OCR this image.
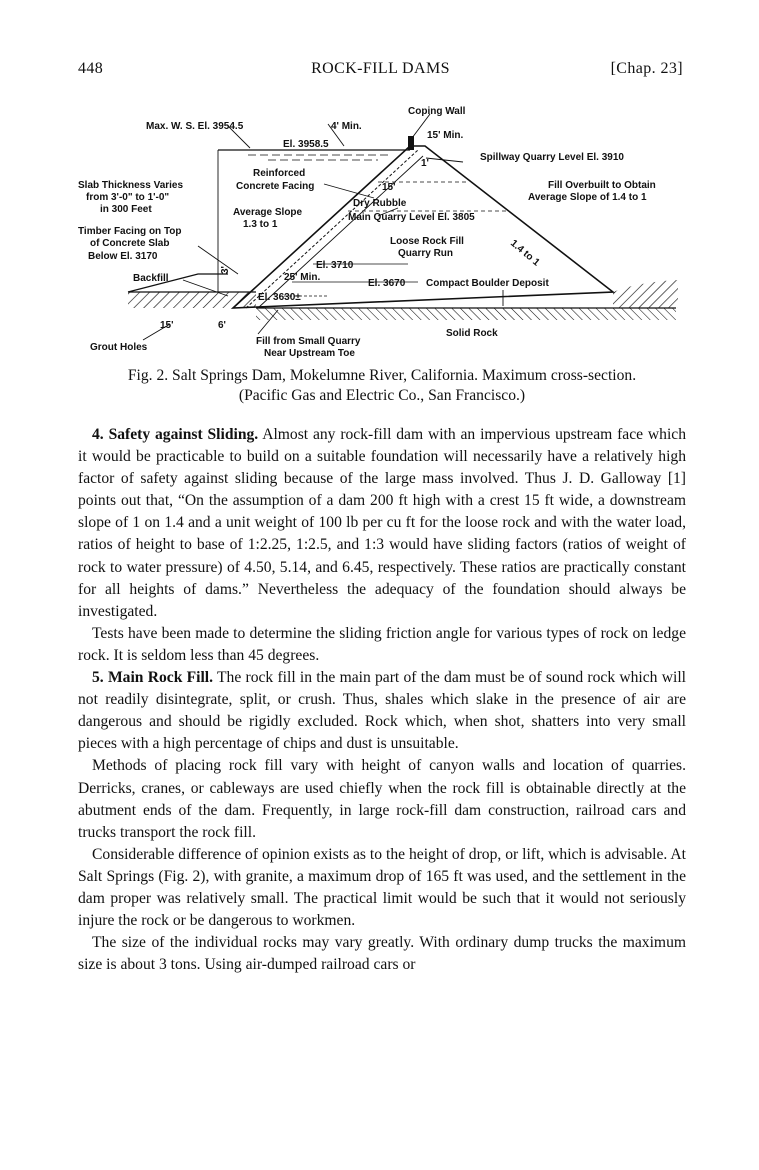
448	ROCK-FILL DAMS	[Chap. 23]
Coping Wall
Max. W. S. El. 3954.5	4' Min.
15' Min.
El. 3958.5
Reinforced
Concrete Facing
1'
15'
Spillway Quarry Level El. 3910
Slab Thickness Varies
from 3'-0" to 1'-0"
in 300 Feet
Dry Rubble
Fill Overbuilt to Obtain
Average Slope of 1.4 to 1
Average Slope
1.3 to 1
Main Quarry Level El. 3805
Timber Facing on Top
of Concrete Slab
Below El. 3170
Loose Rock Fill
Quarry Run	1.4 to 1
El. 3710
Backfill
3'
25' Min.
El. 3670 Compact Boulder Deposit
El. 3630±
15'	6'
Solid Rock
Grout Holes
Fill from Small Quarry
Near Upstream Toe
Fig. 2. Salt Springs Dam, Mokelumne River, California. Maximum cross-section.
(Pacific Gas and Electric Co., San Francisco.)

4. Safety against Sliding. Almost any rock-fill dam with an impervious upstream face which it would be practicable to build on a suitable foundation will necessarily have a relatively high factor of safety against sliding because of the large mass involved. Thus J. D. Galloway [1] points out that, “On the assumption of a dam 200 ft high with a crest 15 ft wide, a downstream slope of 1 on 1.4 and a unit weight of 100 lb per cu ft for the loose rock and with the water load, ratios of height to base of 1:2.25, 1:2.5, and 1:3 would have sliding factors (ratios of weight of rock to water pressure) of 4.50, 5.14, and 6.45, respectively. These ratios are practically constant for all heights of dams.” Nevertheless the adequacy of the foundation should always be investigated.

Tests have been made to determine the sliding friction angle for various types of rock on ledge rock. It is seldom less than 45 degrees.

5. Main Rock Fill. The rock fill in the main part of the dam must be of sound rock which will not readily disintegrate, split, or crush. Thus, shales which slake in the presence of air are dangerous and should be rigidly excluded. Rock which, when shot, shatters into very small pieces with a high percentage of chips and dust is unsuitable.

Methods of placing rock fill vary with height of canyon walls and location of quarries. Derricks, cranes, or cableways are used chiefly when the rock fill is obtainable directly at the abutment ends of the dam. Frequently, in large rock-fill dam construction, railroad cars and trucks transport the rock fill.

Considerable difference of opinion exists as to the height of drop, or lift, which is advisable. At Salt Springs (Fig. 2), with granite, a maximum drop of 165 ft was used, and the settlement in the dam proper was relatively small. The practical limit would be such that it would not seriously injure the rock or be dangerous to workmen.

The size of the individual rocks may vary greatly. With ordinary dump trucks the maximum size is about 3 tons. Using air-dumped railroad cars or
